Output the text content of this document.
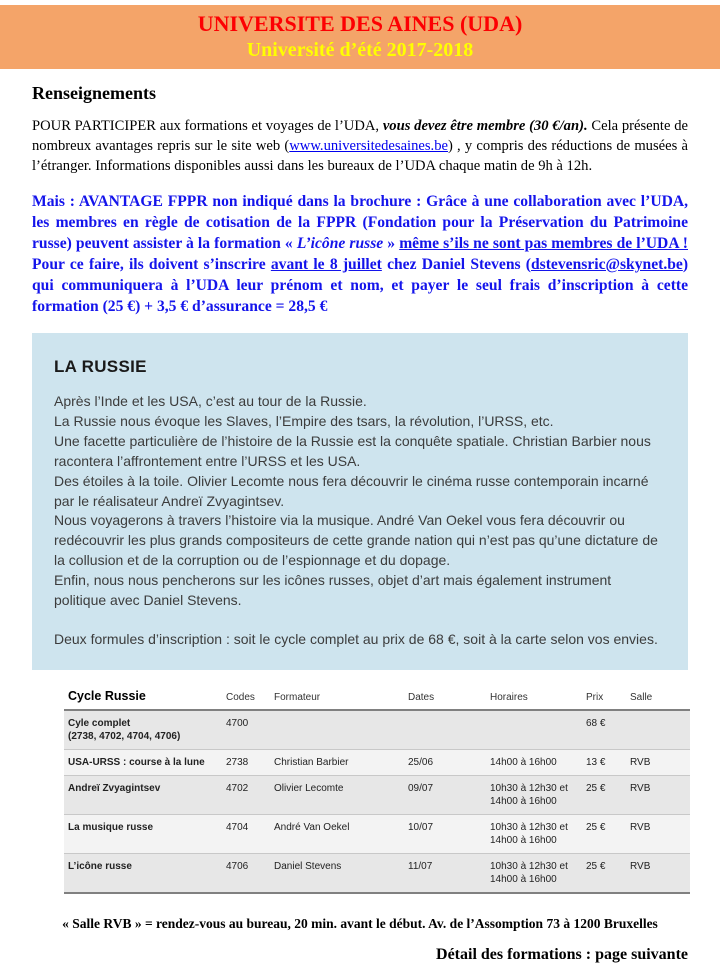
UNIVERSITE DES AINES (UDA)
Université d’été 2017-2018
Renseignements

POUR PARTICIPER aux formations et voyages de l’UDA, vous devez être membre (30 €/an). Cela présente de nombreux avantages repris sur le site web (www.universitedesaines.be) , y compris des réductions de musées à l’étranger. Informations disponibles aussi dans les bureaux de l’UDA chaque matin de 9h à 12h.

Mais : AVANTAGE FPPR non indiqué dans la brochure : Grâce à une collaboration avec l’UDA, les membres en règle de cotisation de la FPPR (Fondation pour la Préservation du Patrimoine russe) peuvent assister à la formation « L’icône russe » même s’ils ne sont pas membres de l’UDA ! Pour ce faire, ils doivent s’inscrire avant le 8 juillet chez Daniel Stevens (dstevensric@skynet.be) qui communiquera à l’UDA leur prénom et nom, et payer le seul frais d’inscription à cette formation (25 €) + 3,5 € d’assurance = 28,5 €

LA RUSSIE

Après l’Inde et les USA, c’est au tour de la Russie.

La Russie nous évoque les Slaves, l’Empire des tsars, la révolution, l’URSS, etc.

Une facette particulière de l’histoire de la Russie est la conquête spatiale. Christian Barbier nous racontera l’affrontement entre l’URSS et les USA.

Des étoiles à la toile. Olivier Lecomte nous fera découvrir le cinéma russe contemporain incarné par le réalisateur Andreï Zvyagintsev.

Nous voyagerons à travers l’histoire via la musique. André Van Oekel vous fera découvrir ou redécouvrir les plus grands compositeurs de cette grande nation qui n’est pas qu’une dictature de la collusion et de la corruption ou de l’espionnage et du dopage.

Enfin, nous nous pencherons sur les icônes russes, objet d’art mais également instrument politique avec Daniel Stevens.

Deux formules d’inscription : soit le cycle complet au prix de 68 €, soit à la carte selon vos envies.

Cycle Russie	Codes	Formateur	Dates	Horaires	Prix	Salle

Cyle complet
(2738, 4702, 4704, 4706)	4700				68 €	
USA-URSS : course à la lune	2738	Christian Barbier	25/06	14h00 à 16h00	13 €	RVB
Andreï Zvyagintsev	4702	Olivier Lecomte	09/07	10h30 à 12h30 et 14h00 à 16h00	25 €	RVB
La musique russe	4704	André Van Oekel	10/07	10h30 à 12h30 et 14h00 à 16h00	25 €	RVB
L’icône russe	4706	Daniel Stevens	11/07	10h30 à 12h30 et 14h00 à 16h00	25 €	RVB

« Salle RVB » = rendez-vous au bureau, 20 min. avant le début. Av. de l’Assomption 73 à 1200 Bruxelles

Détail des formations : page suivante
